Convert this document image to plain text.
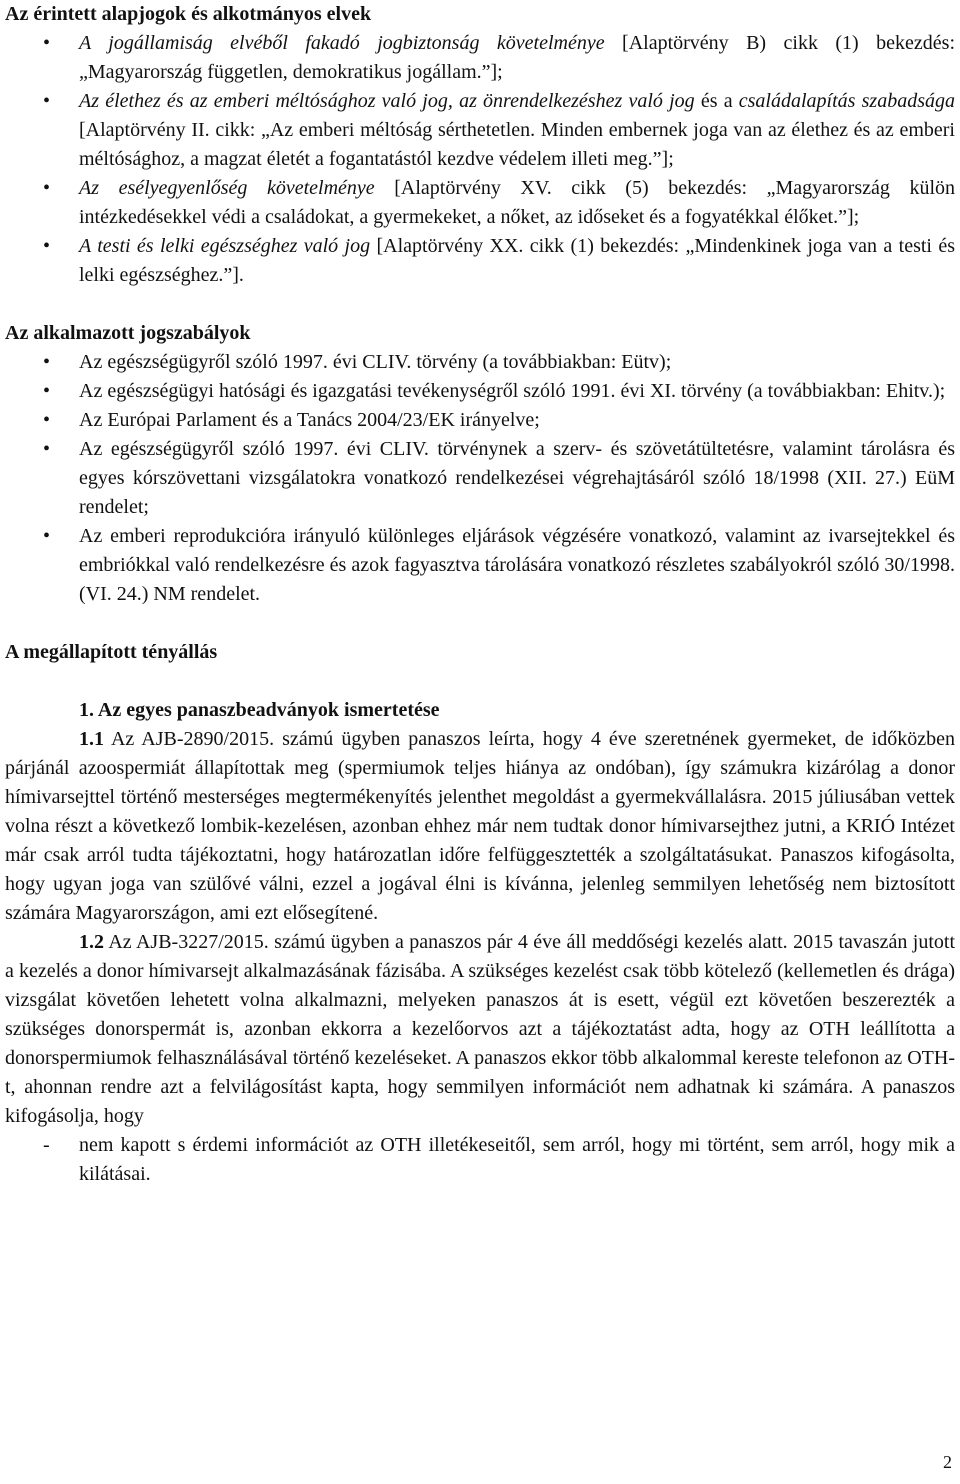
Az érintett alapjogok és alkotmányos elvek

• A jogállamiság elvéből fakadó jogbiztonság követelménye [Alaptörvény B) cikk (1) bekezdés: „Magyarország független, demokratikus jogállam.”];
• Az élethez és az emberi méltósághoz való jog, az önrendelkezéshez való jog és a családalapítás szabadsága [Alaptörvény II. cikk: „Az emberi méltóság sérthetetlen. Minden embernek joga van az élethez és az emberi méltósághoz, a magzat életét a fogantatástól kezdve védelem illeti meg.”];
• Az esélyegyenlőség követelménye [Alaptörvény XV. cikk (5) bekezdés: „Magyarország külön intézkedésekkel védi a családokat, a gyermekeket, a nőket, az időseket és a fogyatékkal élőket.”];
• A testi és lelki egészséghez való jog [Alaptörvény XX. cikk (1) bekezdés: „Mindenkinek joga van a testi és lelki egészséghez.”].

Az alkalmazott jogszabályok

• Az egészségügyről szóló 1997. évi CLIV. törvény (a továbbiakban: Eütv);
• Az egészségügyi hatósági és igazgatási tevékenységről szóló 1991. évi XI. törvény (a továbbiakban: Ehitv.);
• Az Európai Parlament és a Tanács 2004/23/EK irányelve;
• Az egészségügyről szóló 1997. évi CLIV. törvénynek a szerv- és szövetátültetésre, valamint tárolásra és egyes kórszövettani vizsgálatokra vonatkozó rendelkezései végrehajtásáról szóló 18/1998 (XII. 27.) EüM rendelet;
• Az emberi reprodukcióra irányuló különleges eljárások végzésére vonatkozó, valamint az ivarsejtekkel és embriókkal való rendelkezésre és azok fagyasztva tárolására vonatkozó részletes szabályokról szóló 30/1998. (VI. 24.) NM rendelet.

A megállapított tényállás

1. Az egyes panaszbeadványok ismertetése

1.1 Az AJB-2890/2015. számú ügyben panaszos leírta, hogy 4 éve szeretnének gyermeket, de időközben párjánál azoospermiát állapítottak meg (spermiumok teljes hiánya az ondóban), így számukra kizárólag a donor hímivarsejttel történő mesterséges megtermékenyítés jelenthet megoldást a gyermekvállalásra. 2015 júliusában vettek volna részt a következő lombik-kezelésen, azonban ehhez már nem tudtak donor hímivarsejthez jutni, a KRIÓ Intézet már csak arról tudta tájékoztatni, hogy határozatlan időre felfüggesztették a szolgáltatásukat. Panaszos kifogásolta, hogy ugyan joga van szülővé válni, ezzel a jogával élni is kívánna, jelenleg semmilyen lehetőség nem biztosított számára Magyarországon, ami ezt elősegítené.

1.2 Az AJB-3227/2015. számú ügyben a panaszos pár 4 éve áll meddőségi kezelés alatt. 2015 tavaszán jutott a kezelés a donor hímivarsejt alkalmazásának fázisába. A szükséges kezelést csak több kötelező (kellemetlen és drága) vizsgálat követően lehetett volna alkalmazni, melyeken panaszos át is esett, végül ezt követően beszerezték a szükséges donorspermát is, azonban ekkorra a kezelőorvos azt a tájékoztatást adta, hogy az OTH leállította a donorspermiumok felhasználásával történő kezeléseket. A panaszos ekkor több alkalommal kereste telefonon az OTH-t, ahonnan rendre azt a felvilágosítást kapta, hogy semmilyen információt nem adhatnak ki számára. A panaszos kifogásolja, hogy

- nem kapott s érdemi információt az OTH illetékeseitől, sem arról, hogy mi történt, sem arról, hogy mik a kilátásai.
2
